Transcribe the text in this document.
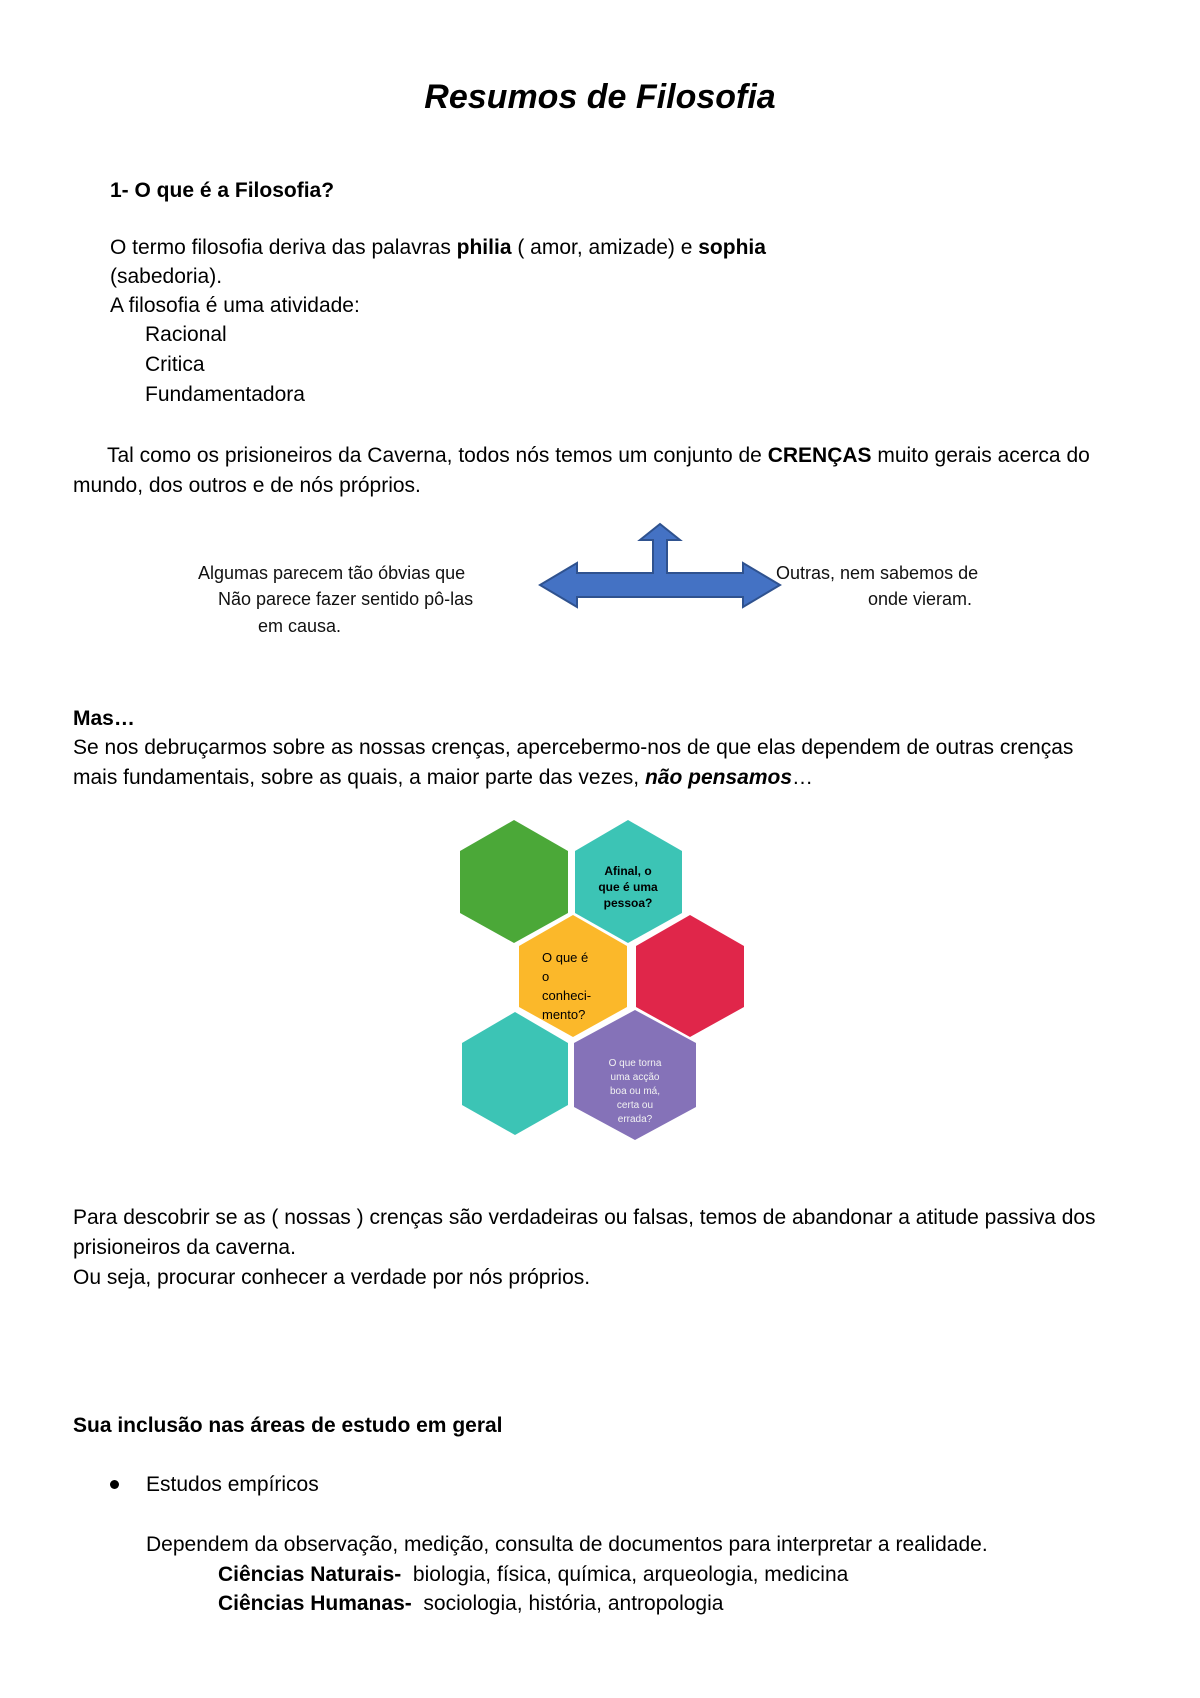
Resumos de Filosofia
1- O que é a Filosofia?
O termo filosofia deriva das palavras philia ( amor, amizade) e sophia
(sabedoria).
A filosofia é uma atividade:
Racional
Critica
Fundamentadora
Tal como os prisioneiros da Caverna, todos nós temos um conjunto de CRENÇAS muito gerais acerca do
mundo, dos outros e de nós próprios.
Algumas parecem tão óbvias que
Não parece fazer sentido pô-las
em causa.
Outras, nem sabemos de
onde vieram.
Mas…
Se nos debruçarmos sobre as nossas crenças, apercebermo-nos de que elas dependem de outras crenças
mais fundamentais, sobre as quais, a maior parte das vezes, não pensamos…
Afinal, o
que é uma
pessoa?
O que é
o
conheci-
mento?
O que torna
uma acção
boa ou má,
certa ou
errada?
Para descobrir se as ( nossas ) crenças são verdadeiras ou falsas, temos de abandonar a atitude passiva dos
prisioneiros da caverna.
Ou seja, procurar conhecer a verdade por nós próprios.
Sua inclusão nas áreas de estudo em geral
Estudos empíricos
Dependem da observação, medição, consulta de documentos para interpretar a realidade.
Ciências Naturais-  biologia, física, química, arqueologia, medicina
Ciências Humanas-  sociologia, história, antropologia
